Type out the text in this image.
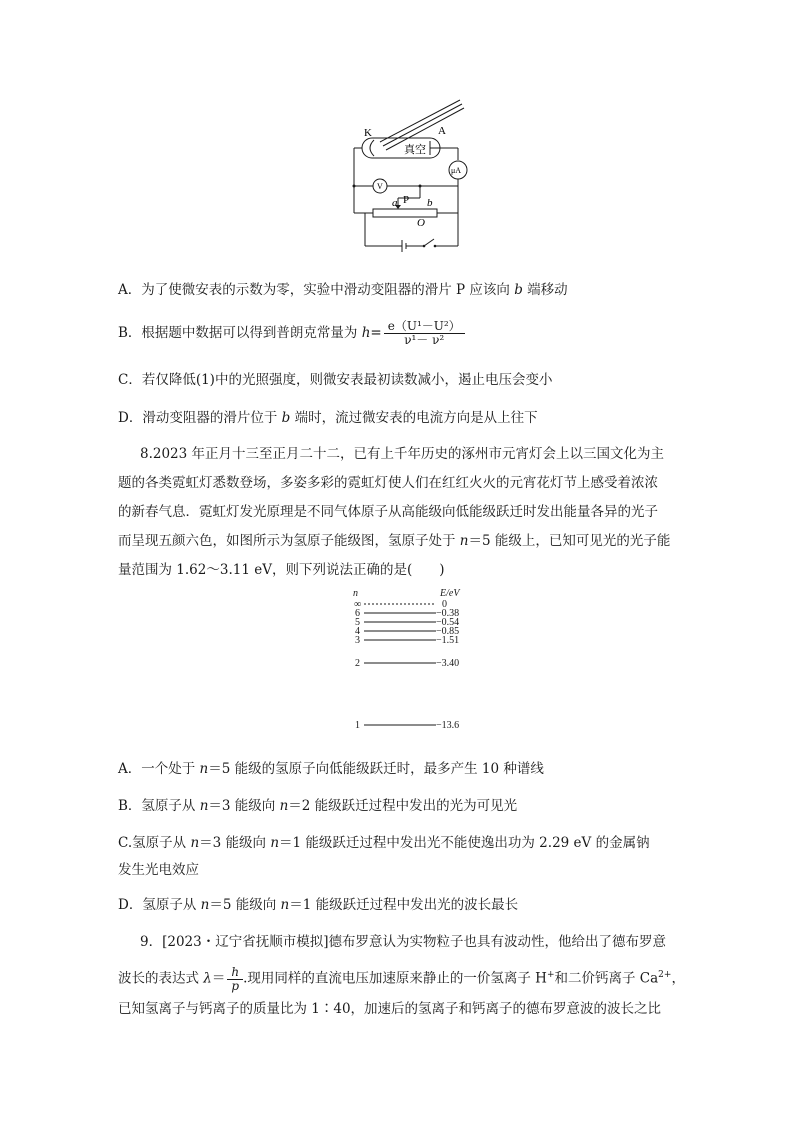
K	A
真空
μA
V
P
a	b
O
A．为了使微安表的示数为零，实验中滑动变阻器的滑片 P 应该向 b 端移动
B．根据题中数据可以得到普朗克常量为 $h= \frac{\text{e（U¹－U²）}}{\text{ν¹－ ν²}}$
C．若仅降低(1)中的光照强度，则微安表最初读数减小，遏止电压会变小
D．滑动变阻器的滑片位于 b 端时，流过微安表的电流方向是从上往下
8.2023 年正月十三至正月二十二，已有上千年历史的涿州市元宵灯会上以三国文化为主
题的各类霓虹灯悉数登场，多姿多彩的霓虹灯使人们在红红火火的元宵花灯节上感受着浓浓
的新春气息．霓虹灯发光原理是不同气体原子从高能级向低能级跃迁时发出能量各异的光子
而呈现五颜六色，如图所示为氢原子能级图，氢原子处于 n＝5 能级上，已知可见光的光子能
量范围为 1.62～3.11 eV，则下列说法正确的是(　　)
n	E/eV
∞
6
5
4
3
2
1
0
−0.38
−0.54
−0.85
−1.51
−3.40
−13.6
A．一个处于 n＝5 能级的氢原子向低能级跃迁时，最多产生 10 种谱线
B．氢原子从 n＝3 能级向 n＝2 能级跃迁过程中发出的光为可见光
C.氢原子从 n＝3 能级向 n＝1 能级跃迁过程中发出光不能使逸出功为 2.29 eV 的金属钠
发生光电效应
D．氢原子从 n＝5 能级向 n＝1 能级跃迁过程中发出光的波长最长
9．[2023・辽宁省抚顺市模拟]德布罗意认为实物粒子也具有波动性，他给出了德布罗意
波长的表达式 $\lambda= \frac{h}{p}$ .现用同样的直流电压加速原来静止的一价氢离子 H+和二价钙离子 $Ca^{2+}$，
已知氢离子与钙离子的质量比为 1∶40，加速后的氢离子和钙离子的德布罗意波的波长之比
